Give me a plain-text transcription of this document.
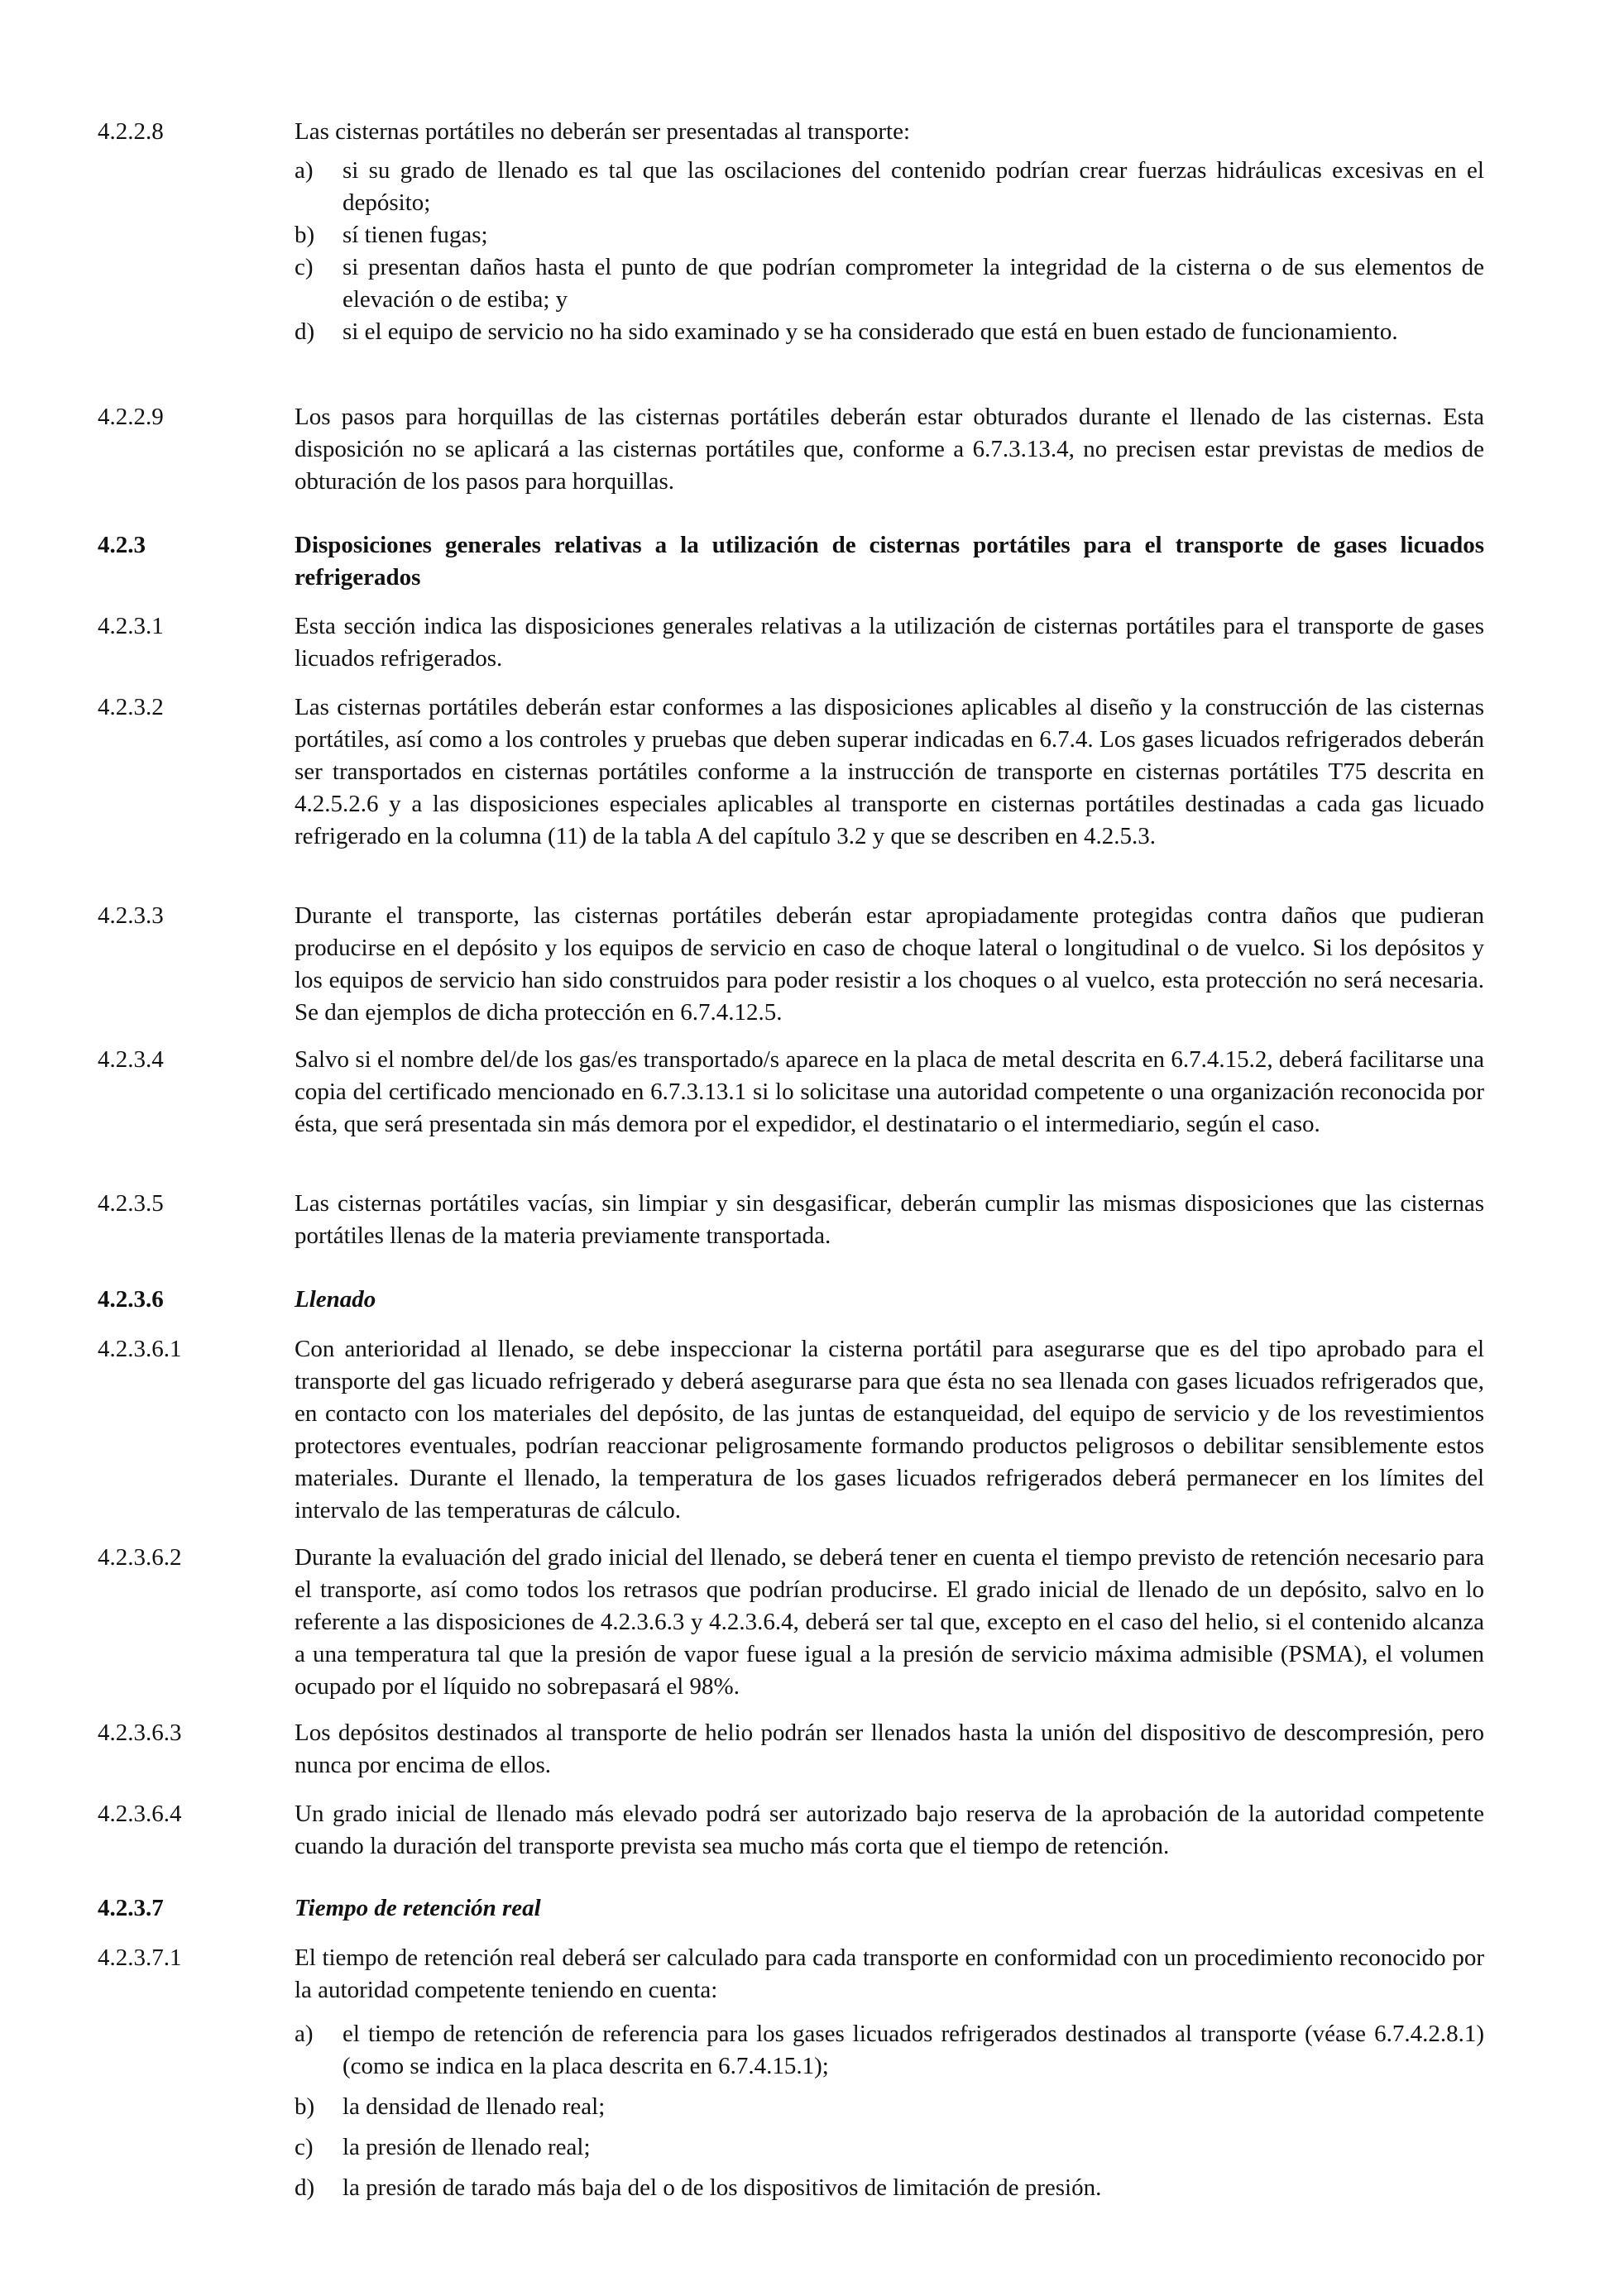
4.2.2.8	Las cisternas portátiles no deberán ser presentadas al transporte:
a) si su grado de llenado es tal que las oscilaciones del contenido podrían crear fuerzas hidráulicas excesivas en el depósito;
b) sí tienen fugas;
c) si presentan daños hasta el punto de que podrían comprometer la integridad de la cisterna o de sus elementos de elevación o de estiba; y
d) si el equipo de servicio no ha sido examinado y se ha considerado que está en buen estado de funcionamiento.
4.2.2.9	Los pasos para horquillas de las cisternas portátiles deberán estar obturados durante el llenado de las cisternas. Esta disposición no se aplicará a las cisternas portátiles que, conforme a 6.7.3.13.4, no precisen estar previstas de medios de obturación de los pasos para horquillas.
4.2.3	Disposiciones generales relativas a la utilización de cisternas portátiles para el transporte de gases licuados refrigerados
4.2.3.1	Esta sección indica las disposiciones generales relativas a la utilización de cisternas portátiles para el transporte de gases licuados refrigerados.
4.2.3.2	Las cisternas portátiles deberán estar conformes a las disposiciones aplicables al diseño y la construcción de las cisternas portátiles, así como a los controles y pruebas que deben superar indicadas en 6.7.4. Los gases licuados refrigerados deberán ser transportados en cisternas portátiles conforme a la instrucción de transporte en cisternas portátiles T75 descrita en 4.2.5.2.6 y a las disposiciones especiales aplicables al transporte en cisternas portátiles destinadas a cada gas licuado refrigerado en la columna (11) de la tabla A del capítulo 3.2 y que se describen en 4.2.5.3.
4.2.3.3	Durante el transporte, las cisternas portátiles deberán estar apropiadamente protegidas contra daños que pudieran producirse en el depósito y los equipos de servicio en caso de choque lateral o longitudinal o de vuelco. Si los depósitos y los equipos de servicio han sido construidos para poder resistir a los choques o al vuelco, esta protección no será necesaria. Se dan ejemplos de dicha protección en 6.7.4.12.5.
4.2.3.4	Salvo si el nombre del/de los gas/es transportado/s aparece en la placa de metal descrita en 6.7.4.15.2, deberá facilitarse una copia del certificado mencionado en 6.7.3.13.1 si lo solicitase una autoridad competente o una organización reconocida por ésta, que será presentada sin más demora por el expedidor, el destinatario o el intermediario, según el caso.
4.2.3.5	Las cisternas portátiles vacías, sin limpiar y sin desgasificar, deberán cumplir las mismas disposiciones que las cisternas portátiles llenas de la materia previamente transportada.
4.2.3.6	Llenado
4.2.3.6.1	Con anterioridad al llenado, se debe inspeccionar la cisterna portátil para asegurarse que es del tipo aprobado para el transporte del gas licuado refrigerado y deberá asegurarse para que ésta no sea llenada con gases licuados refrigerados que, en contacto con los materiales del depósito, de las juntas de estanqueidad, del equipo de servicio y de los revestimientos protectores eventuales, podrían reaccionar peligrosamente formando productos peligrosos o debilitar sensiblemente estos materiales. Durante el llenado, la temperatura de los gases licuados refrigerados deberá permanecer en los límites del intervalo de las temperaturas de cálculo.
4.2.3.6.2	Durante la evaluación del grado inicial del llenado, se deberá tener en cuenta el tiempo previsto de retención necesario para el transporte, así como todos los retrasos que podrían producirse. El grado inicial de llenado de un depósito, salvo en lo referente a las disposiciones de 4.2.3.6.3 y 4.2.3.6.4, deberá ser tal que, excepto en el caso del helio, si el contenido alcanza a una temperatura tal que la presión de vapor fuese igual a la presión de servicio máxima admisible (PSMA), el volumen ocupado por el líquido no sobrepasará el 98%.
4.2.3.6.3	Los depósitos destinados al transporte de helio podrán ser llenados hasta la unión del dispositivo de descompresión, pero nunca por encima de ellos.
4.2.3.6.4	Un grado inicial de llenado más elevado podrá ser autorizado bajo reserva de la aprobación de la autoridad competente cuando la duración del transporte prevista sea mucho más corta que el tiempo de retención.
4.2.3.7	Tiempo de retención real
4.2.3.7.1	El tiempo de retención real deberá ser calculado para cada transporte en conformidad con un procedimiento reconocido por la autoridad competente teniendo en cuenta:
a) el tiempo de retención de referencia para los gases licuados refrigerados destinados al transporte (véase 6.7.4.2.8.1) (como se indica en la placa descrita en 6.7.4.15.1);
b) la densidad de llenado real;
c) la presión de llenado real;
d) la presión de tarado más baja del o de los dispositivos de limitación de presión.
